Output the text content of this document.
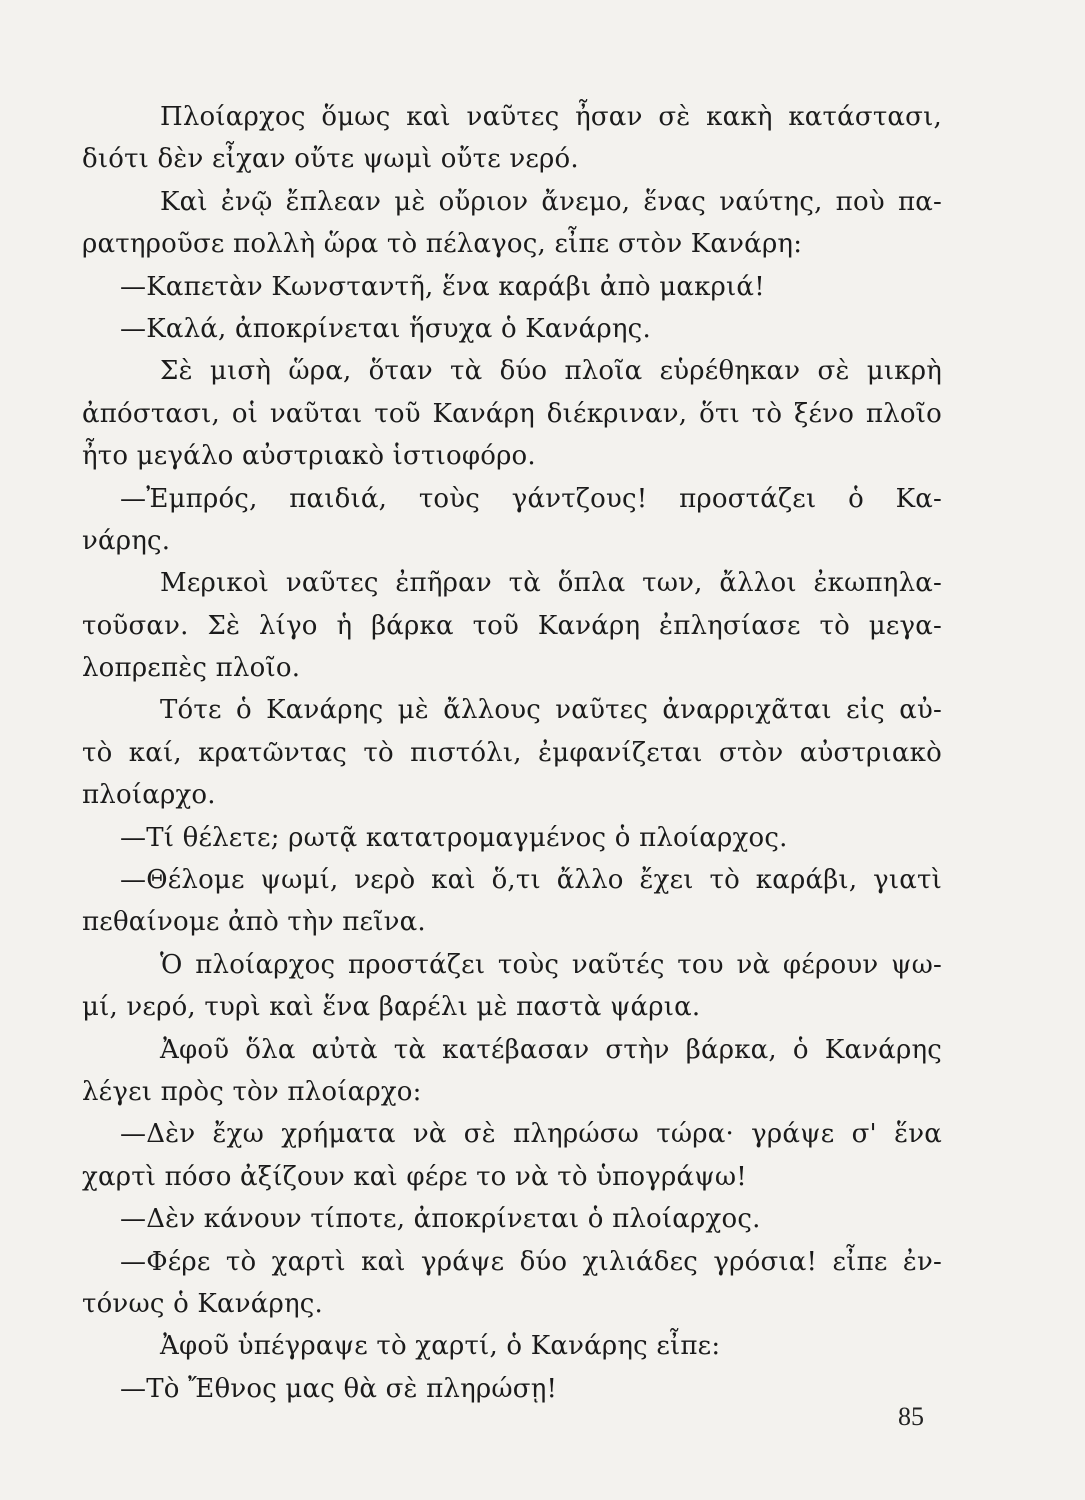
Πλοίαρχος ὅμως καὶ ναῦτες ἦσαν σὲ κακὴ κατάστασι,
διότι δὲν εἶχαν οὔτε ψωμὶ οὔτε νερό.
Καὶ ἐνῷ ἔπλεαν μὲ οὔριον ἄνεμο, ἕνας ναύτης, ποὺ πα-
ρατηροῦσε πολλὴ ὥρα τὸ πέλαγος, εἶπε στὸν Κανάρη:
—Καπετὰν Κωνσταντῆ, ἕνα καράβι ἀπὸ μακριά!
—Καλά, ἀποκρίνεται ἥσυχα ὁ Κανάρης.
Σὲ μισὴ ὥρα, ὅταν τὰ δύο πλοῖα εὑρέθηκαν σὲ μικρὴ
ἀπόστασι, οἱ ναῦται τοῦ Κανάρη διέκριναν, ὅτι τὸ ξένο πλοῖο
ἦτο μεγάλο αὐστριακὸ ἱστιοφόρο.
—Ἐμπρός, παιδιά, τοὺς γάντζους! προστάζει ὁ Κα-
νάρης.
Μερικοὶ ναῦτες ἐπῆραν τὰ ὅπλα των, ἄλλοι ἐκωπηλα-
τοῦσαν. Σὲ λίγο ἡ βάρκα τοῦ Κανάρη ἐπλησίασε τὸ μεγα-
λοπρεπὲς πλοῖο.
Τότε ὁ Κανάρης μὲ ἄλλους ναῦτες ἀναρριχᾶται εἰς αὐ-
τὸ καί, κρατῶντας τὸ πιστόλι, ἐμφανίζεται στὸν αὐστριακὸ
πλοίαρχο.
—Τί θέλετε; ρωτᾷ κατατρομαγμένος ὁ πλοίαρχος.
—Θέλομε ψωμί, νερὸ καὶ ὅ,τι ἄλλο ἔχει τὸ καράβι, γιατὶ
πεθαίνομε ἀπὸ τὴν πεῖνα.
Ὁ πλοίαρχος προστάζει τοὺς ναῦτές του νὰ φέρουν ψω-
μί, νερό, τυρὶ καὶ ἕνα βαρέλι μὲ παστὰ ψάρια.
Ἀφοῦ ὅλα αὐτὰ τὰ κατέβασαν στὴν βάρκα, ὁ Κανάρης
λέγει πρὸς τὸν πλοίαρχο:
—Δὲν ἔχω χρήματα νὰ σὲ πληρώσω τώρα· γράψε σ' ἕνα
χαρτὶ πόσο ἀξίζουν καὶ φέρε το νὰ τὸ ὑπογράψω!
—Δὲν κάνουν τίποτε, ἀποκρίνεται ὁ πλοίαρχος.
—Φέρε τὸ χαρτὶ καὶ γράψε δύο χιλιάδες γρόσια! εἶπε ἐν-
τόνως ὁ Κανάρης.
Ἀφοῦ ὑπέγραψε τὸ χαρτί, ὁ Κανάρης εἶπε:
—Τὸ Ἔθνος μας θὰ σὲ πληρώσῃ!
85
